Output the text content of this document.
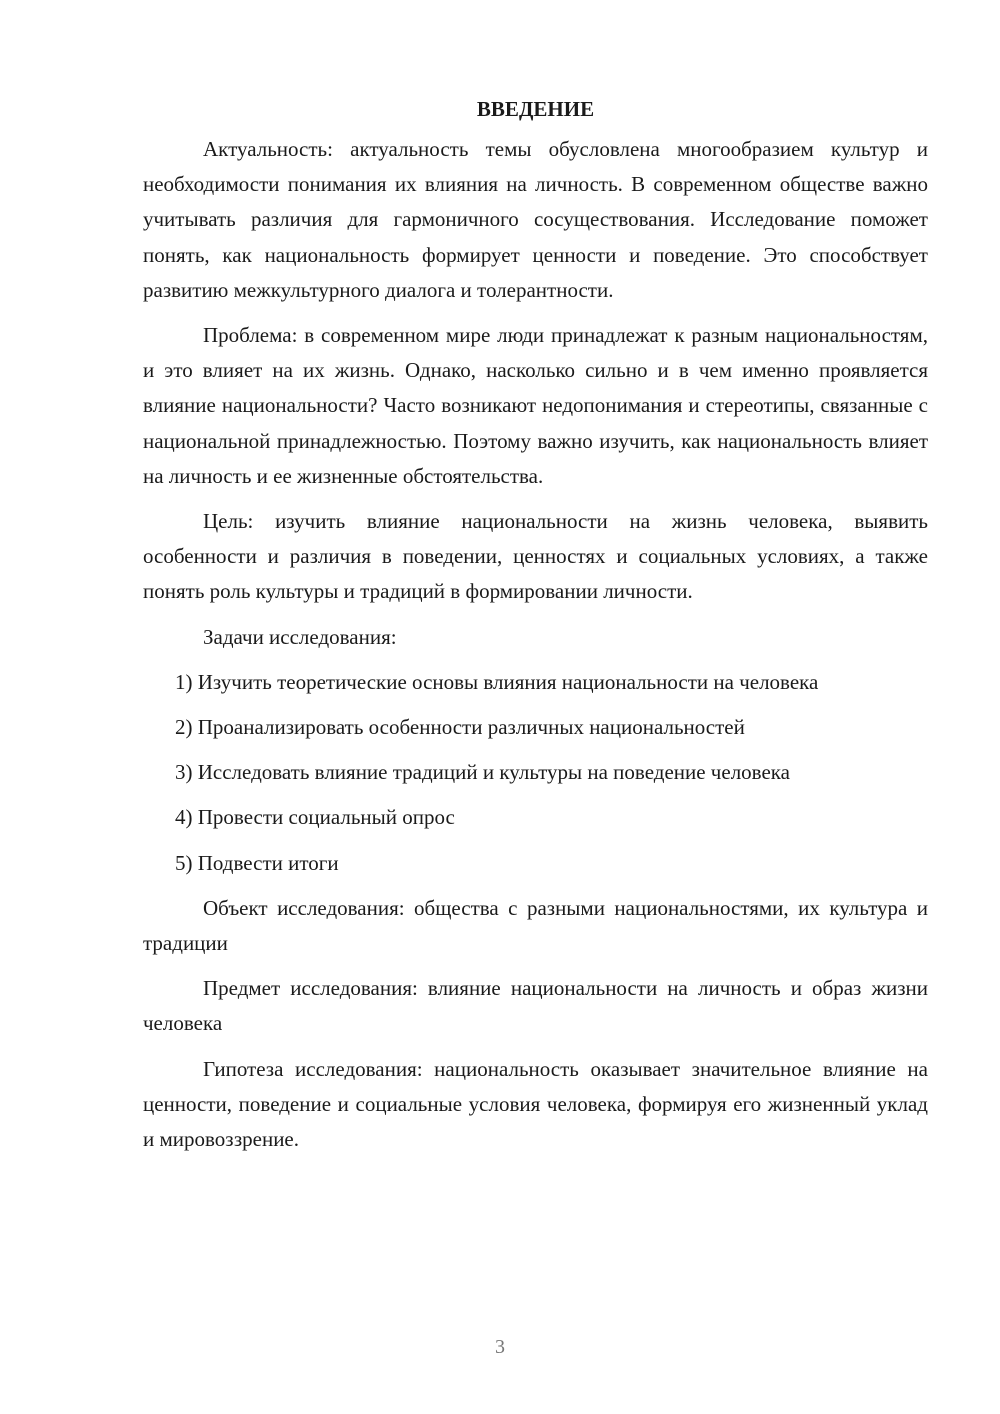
ВВЕДЕНИЕ

Актуальность: актуальность темы обусловлена многообразием культур и необходимости понимания их влияния на личность. В современном обществе важно учитывать различия для гармоничного сосуществования. Исследование поможет понять, как национальность формирует ценности и поведение. Это способствует развитию межкультурного диалога и толерантности.

Проблема: в современном мире люди принадлежат к разным национальностям, и это влияет на их жизнь. Однако, насколько сильно и в чем именно проявляется влияние национальности? Часто возникают недопонимания и стереотипы, связанные с национальной принадлежностью. Поэтому важно изучить, как национальность влияет на личность и ее жизненные обстоятельства.

Цель: изучить влияние национальности на жизнь человека, выявить особенности и различия в поведении, ценностях и социальных условиях, а также понять роль культуры и традиций в формировании личности.

Задачи исследования:

1) Изучить теоретические основы влияния национальности на человека

2) Проанализировать особенности различных национальностей

3) Исследовать влияние традиций и культуры на поведение человека

4) Провести социальный опрос

5) Подвести итоги

Объект исследования: общества с разными национальностями, их культура и традиции

Предмет исследования: влияние национальности на личность и образ жизни человека

Гипотеза исследования: национальность оказывает значительное влияние на ценности, поведение и социальные условия человека, формируя его жизненный уклад и мировоззрение.

3
